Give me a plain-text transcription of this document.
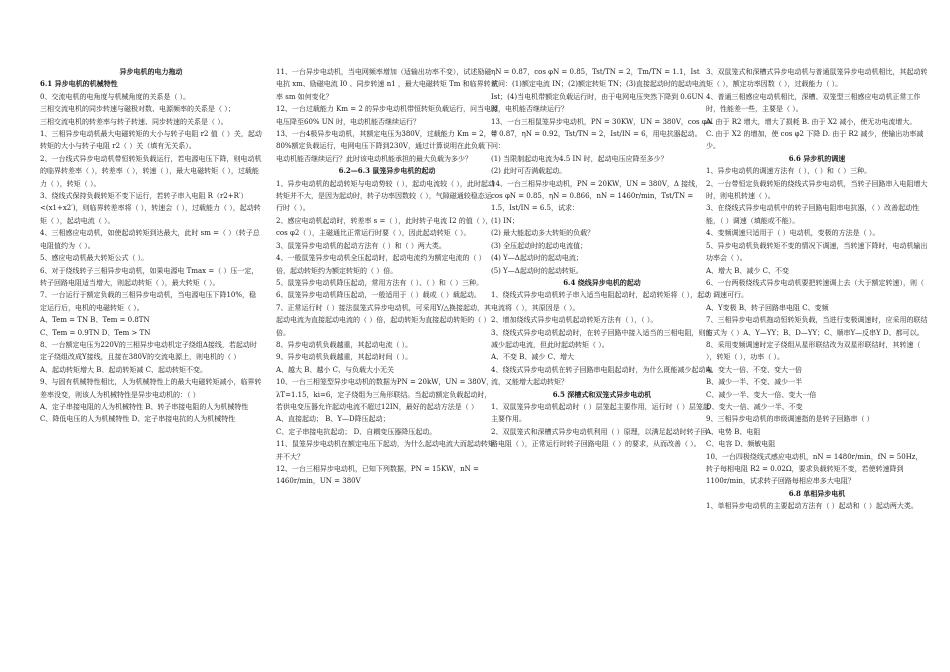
异步电机的电力拖动

6.1 异步电机的机械特性

0、交流电机的电角度与机械角度的关系是（ ）。

三相交流电机的同步转速与磁极对数、电源频率的关系是（ ）；

三相交流电机的转差率与转子转速、同步转速的关系是（ ）。

1、三相异步电动机最大电磁转矩的大小与转子电阻 r2 值（ ）关，起动转矩的大小与转子电阻 r2（ ）关（填有无关系）。

2、一台线式异步电动机带恒转矩负载运行，若电源电压下降，则电动机的临界转差率（ ），转差率（ ），转速（ ），最大电磁转矩（ ），过载能力（ ），转矩（ ）。

3、绕线式保持负载转矩不变下运行，若转子串入电阻 R（r2+R′）<(x1+x2′)，则临界转差率将（ ），转速会（ ），过载能力（ ），起动转矩（ ），起动电流（ ）。

4、三相感应电动机，如使起动转矩到达最大，此时 sm =（ ）（转子总电阻值约为（ ）。

5、感应电动机最大转矩公式（ ）。

6、对于绕线转子三相异步电动机，如果电源电 Tmax =（ ）压一定，转子回路电阻适当增大，则起动转矩（ ），最大转矩（ ）。

7、一台运行于额定负载的三相异步电动机，当电源电压下降10%，稳定运行后，电机的电磁转矩（ ）。

A、Tem = TN B、Tem = 0.8TN

C、Tem = 0.9TN D、Tem > TN

8、一台额定电压为220V的三相异步电动机定子绕组Δ接线，若起动时定子绕组改成Y接线，且接在380V的交流电源上，则电机的（ ）

A、起动转矩增大 B、起动转矩减 C、起动转矩不变。

9、与固有机械特性相比，人为机械特性上的最大电磁转矩减小，临界转差率没变，则该人为机械特性是异步电动机的：（ ）

A、定子串接电阻的人为机械特性 B、转子串接电阻的人为机械特性

C、降低电压的人为机械特性 D、定子串接电抗的人为机械特性

11、一台异步电动机，当电网频率增加（适输出功率不变），试述励磁电抗 xm、励磁电流 I0 、同步转速 n1 ，最大电磁转矩 Tm 和临界转差率 sm 如何变化？

12、一台过载能力 Km = 2 的异步电动机带恒转矩负载运行，问当电源电压降至60% UN 时，电动机能否继续运行？

13、一台4极异步电动机，其额定电压为380V，过载能力 Km = 2，带80%额定负载运行，电网电压下降到230V，通过计算说明在此负载下电动机能否继续运行？此时该电动机能承担的最大负载为多少？

6.2—6.3 鼠笼异步电机的起动

1、异步电动机的起动转矩与电动势较（ ），起动电流较（ ），此时起动转矩并不大，是因为起动时，转子功率因数较（ ），气隙磁通较稳态运行时（ ）。

2、感应电动机起动时，转差率 s =（ ），此时转子电流 I2 的值（ ），cos φ2（ ），主磁通比正常运行时要（ ），因此起动转矩（ ）。

3、鼠笼异步电动机的起动方法有（ ）和（ ）两大类。

4、一般鼠笼异步电动机全压起动时，起动电流约为额定电流的（ ）倍，起动转矩约为额定转矩的（ ）倍。

5、鼠笼异步电动机降压起动，常用方法有（ ）、（ ）和（ ）三种。

6、鼠笼异步电动机降压起动，一般适用于（ ）载或（ ）载起动。

7、正常运行时（ ）接法鼠笼式异步电动机，可采用Y/△换接起动，其起动电流为直接起动电流的（ ）倍，起动转矩为直接起动转矩的（ ）倍。

8、异步电动机负载越重，其起动电流（ ）。

9、异步电动机负载越重，其起动时间（ ）。

A、越大 B、越小 C、与负载大小无关

10、一台三相笼型异步电动机的数据为PN = 20kW，UN = 380V，λT=1.15，ki=6，定子绕组为三角形联结。当起动额定负载起动时，若供电变压器允许起动电流不超过12IN，最好的起动方法是（ ）

A、直接起动； B、Y—D降压起动；

C、定子串接电抗起动； D、自耦变压器降压起动。

11、鼠笼异步电动机在额定电压下起动，为什么起动电流大而起动转矩并不大？

12、一台三相异步电动机，已知下列数据，PN = 15KW，nN = 1460r/min，UN = 380V

ηN = 0.87，cos φN = 0.85，Tst/TN = 2，Tm/TN = 1.1，Ist

试问：(1)额定电流 IN；(2)额定转矩 TN；(3)直接起动时的起动电流 Ist；(4)当电机带额定负载运行时，由于电网电压突然下降到 0.6UN 时，电机能否继续运行？

13、一台三相鼠笼异步电动机，PN = 30KW，UN = 380V，cos φN = 0.87，ηN = 0.92，Tst/TN = 2，Ist/IN = 6，用电抗器起动。问：

(1) 当限制起动电流为4.5 IN 时，起动电压应降至多少？

(2) 此时可否满载起动。

14、一台三相异步电动机，PN = 20KW，UN = 380V，Δ 接线，cos φN = 0.85，ηN = 0.866，nN = 1460r/min，Tst/TN = 1.5，Ist/IN = 6.5，试求：

(1) IN；

(2) 最大能起动多大转矩的负载？

(3) 全压起动时的起动电流值；

(4) Y—Δ起动时的起动电流；

(5) Y—Δ起动时的起动转矩。

6.4 绕线异步电机的起动

1、绕线式异步电动机转子串入适当电阻起动时，起动转矩将（ ），起动电流将（ ），其原因是（ ）。

2、增加绕线式异步电动机起动转矩方法有（ ），（ ）。

3、绕线式异步电动机起动时，在转子回路中接入适当的三相电阻，则能减少起动电流，但此时起动转矩（ ）。

A、不变 B、减少 C、增大

4、绕线式异步电动机在转子回路串电阻起动时，为什么既能减少起动电流，又能增大起动转矩？

6.5 深槽式和双笼式异步电动机

1、双鼠笼异步电动机起动时（ ）层笼起主要作用，运行时（ ）层笼起主要作用。

2、双鼠笼式和深槽式异步电动机利用（ ）原理，以满足起动时转子回路电阻（ ），正常运行时转子回路电阻（ ）的要求，从而改善（ ）。

3、双鼠笼式和深槽式异步电动机与普通鼠笼异步电动机相比，其起动转矩（ ），额定功率因数（ ），过载能力（ ）。

4、普通三相感应电动机相比，深槽、双笼型三相感应电动机正常工作时，性能差一些，主要是（ ）。

A. 由于 R2 增大，增大了损耗 B. 由于 X2 减小，使无功电流增大。

C. 由于 X2 的增加，使 cos φ2 下降 D. 由于 R2 减少，使输出功率减少。

6.6 异步机的调速

1、异步电动机的调速方法有（ ），（ ）和（ ）三种。

2、一台带恒定负载转矩的绕线式异步电动机，当转子回路串入电阻增大时，则电机转速（ ）。

3、在绕线式异步电动机中的转子回路电阻串电抗器，（ ）改善起动性能，（ ）调速（填能或不能）。

4、变频调速只适用于（ ）电动机，变极的方法是（ ）。

5、异步电动机负载转矩不变的情况下调速，当转速下降时，电动机输出功率会（ ）。

A、增大 B、减少 C、不变

6、一台两极绕线式异步电动机要把转速调上去（大于额定转速），则（ ）调速可行。

A、Y变极 B、转子回路串电阻 C、变频

7、三相异步电动机拖动恒转矩负载，当进行变极调速时，应采用的联结方式为（ ）A、Y—YY；B、D—YY；C、顺串Y—反串Y D、都可以。

8、采用变频调速时定子绕组从星形联结改为双星形联结时，其转速（ ），转矩（ ），功率（ ）。

A、变大一倍、不变、变大一倍

B、减少一半、不变、减少一半

C、减少一半、变大一倍、变大一倍

D、变大一倍、减少一半、不变

9、三相异步电动机的串级调速指的是转子回路串（ ）

A、电势 B、电阻

C、电容 D、频敏电阻

10、一台四极绕线式感应电动机，nN = 1480r/min，fN = 50Hz，转子每相电阻 R2 = 0.02Ω，要求负载转矩不变，若使转速降到 1100r/min，试求转子回路每相应串多大电阻？

6.8 单相异步电机

1、单相异步电动机的主要起动方法有（ ）起动和（ ）起动两大类。
